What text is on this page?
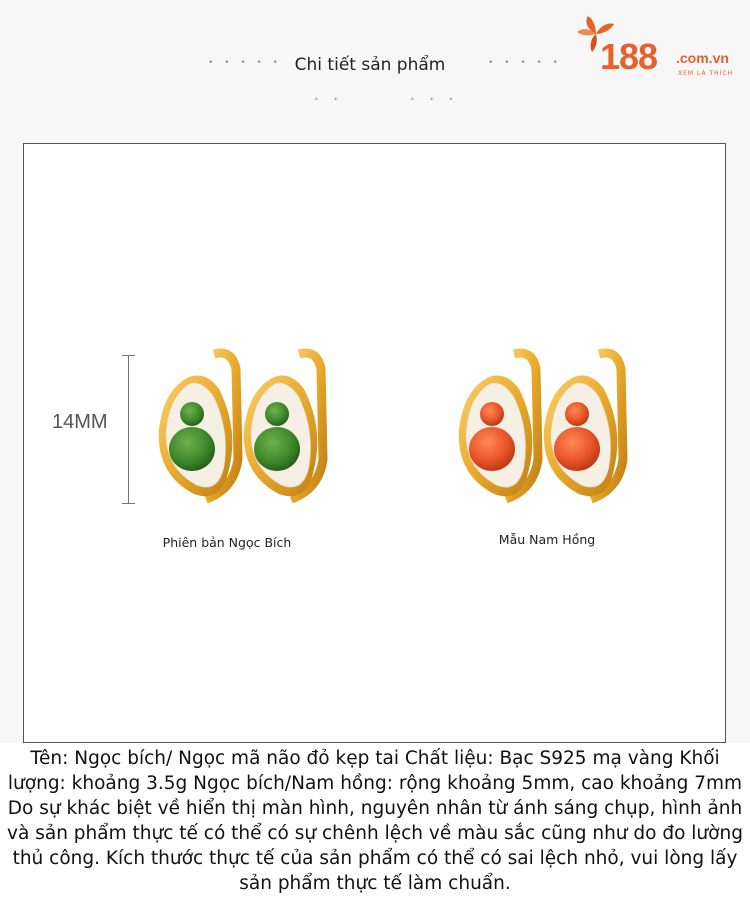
• • • • • Chi tiết sản phẩm	• • • • •
• •	• • •
188 .com.vn
XEM LÀ THÍCH
14MM
Phiên bản Ngọc Bích	Mẫu Nam Hồng
Tên: Ngọc bích/ Ngọc mã não đỏ kẹp tai Chất liệu: Bạc S925 mạ vàng Khối lượng: khoảng 3.5g Ngọc bích/Nam hồng: rộng khoảng 5mm, cao khoảng 7mm Do sự khác biệt về hiển thị màn hình, nguyên nhân từ ánh sáng chụp, hình ảnh và sản phẩm thực tế có thể có sự chênh lệch về màu sắc cũng như do đo lường thủ công. Kích thước thực tế của sản phẩm có thể có sai lệch nhỏ, vui lòng lấy sản phẩm thực tế làm chuẩn.
